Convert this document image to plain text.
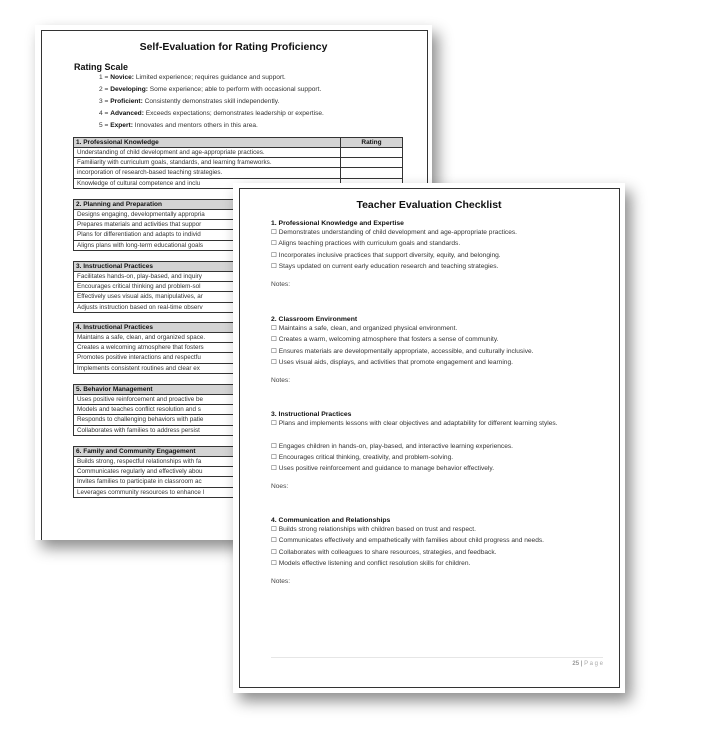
Self-Evaluation for Rating Proficiency
Rating Scale
1 = Novice: Limited experience; requires guidance and support.
2 = Developing: Some experience; able to perform with occasional support.
3 = Proficient: Consistently demonstrates skill independently.
4 = Advanced: Exceeds expectations; demonstrates leadership or expertise.
5 = Expert: Innovates and mentors others in this area.
1. Professional Knowledge	Rating
Understanding of child development and age-appropriate practices.	
Familiarity with curriculum goals, standards, and learning frameworks.	
incorporation of research-based teaching strategies.	
Knowledge of cultural competence and inclu	
2. Planning and Preparation	
Designs engaging, developmentally appropria	
Prepares materials and activities that suppor	
Plans for differentiation and adapts to individ	
Aligns plans with long-term educational goals	
3. Instructional Practices	
Facilitates hands-on, play-based, and inquiry	
Encourages critical thinking and problem-sol	
Effectively uses visual aids, manipulatives, ar	
Adjusts instruction based on real-time observ	
4. Instructional Practices	
Maintains a safe, clean, and organized space.	
Creates a welcoming atmosphere that fosters	
Promotes positive interactions and respectfu	
Implements consistent routines and clear ex	
5. Behavior Management	
Uses positive reinforcement and proactive be	
Models and teaches conflict resolution and s	
Responds to challenging behaviors with patie	
Collaborates with families to address persist	
6. Family and Community Engagement	
Builds strong, respectful relationships with fa	
Communicates regularly and effectively abou	
Invites families to participate in classroom ac	
Leverages community resources to enhance l	
Teacher Evaluation Checklist
1. Professional Knowledge and Expertise
☐ Demonstrates understanding of child development and age-appropriate practices.
☐ Aligns teaching practices with curriculum goals and standards.
☐ Incorporates inclusive practices that support diversity, equity, and belonging.
☐ Stays updated on current early education research and teaching strategies.
Notes:
2. Classroom Environment
☐ Maintains a safe, clean, and organized physical environment.
☐ Creates a warm, welcoming atmosphere that fosters a sense of community.
☐ Ensures materials are developmentally appropriate, accessible, and culturally inclusive.
☐ Uses visual aids, displays, and activities that promote engagement and learning.
Notes:
3. Instructional Practices
☐ Plans and implements lessons with clear objectives and adaptability for different learning styles.
☐ Engages children in hands-on, play-based, and interactive learning experiences.
☐ Encourages critical thinking, creativity, and problem-solving.
☐ Uses positive reinforcement and guidance to manage behavior effectively.
Noes:
4. Communication and Relationships
☐ Builds strong relationships with children based on trust and respect.
☐ Communicates effectively and empathetically with families about child progress and needs.
☐ Collaborates with colleagues to share resources, strategies, and feedback.
☐ Models effective listening and conflict resolution skills for children.
Notes:
25 | P a g e
